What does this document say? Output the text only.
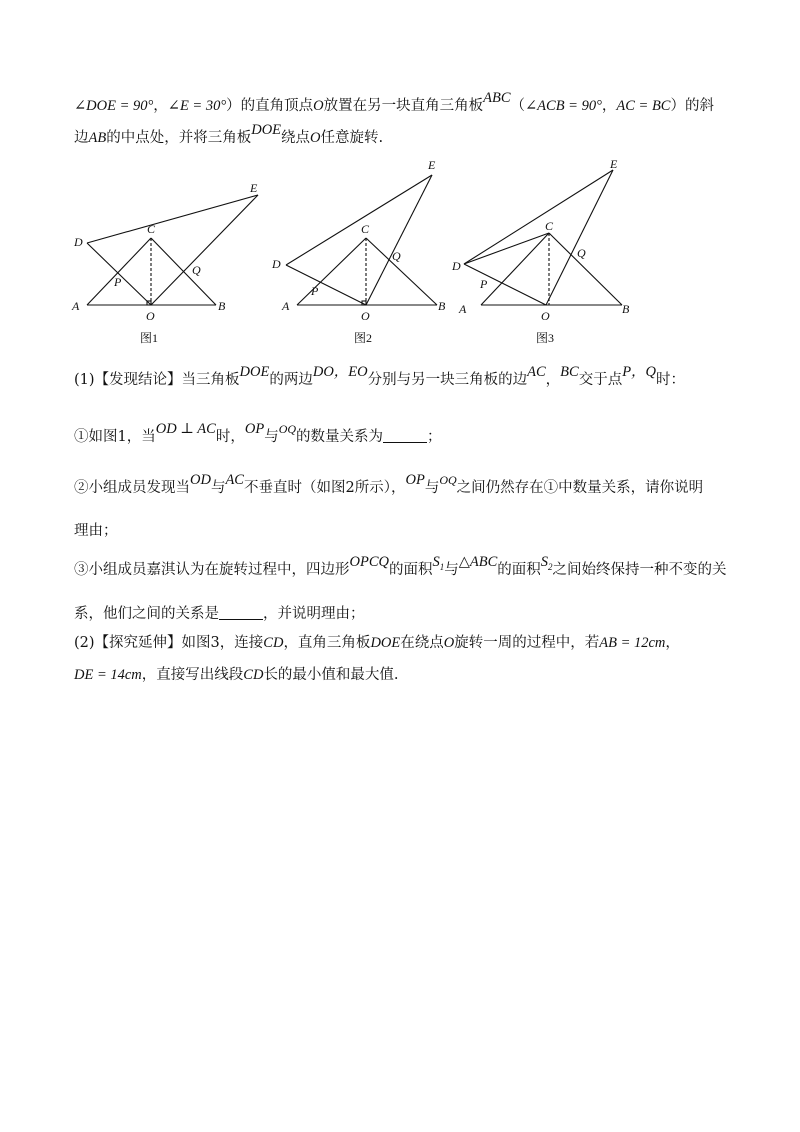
∠DOE = 90°，∠E = 30°）的直角顶点O放置在另一块直角三角板ABC（∠ACB = 90°，AC = BC）的斜
边AB的中点处，并将三角板DOE绕点O任意旋转.
A	B
C
D
E
O
P
Q
A	B
C
D
E
O
P
Q
A	B
C
D
E
O
P
Q
图1	图2	图3
(1)【发现结论】当三角板DOE的两边DO，EO分别与另一块三角板的边AC，BC交于点P，Q时：
①如图1，当OD ⊥ AC时，OP与$^{OQ}$的数量关系为	；
②小组成员发现当OD与AC不垂直时（如图2所示），OP与$^{OQ}$之间仍然存在①中数量关系，请你说明
理由；
③小组成员嘉淇认为在旋转过程中，四边形OPCQ的面积$S_1$与△ABC的面积$S_2$之间始终保持一种不变的关
系，他们之间的关系是	，并说明理由；
(2)【探究延伸】如图3，连接CD，直角三角板DOE在绕点O旋转一周的过程中，若AB = 12cm，
DE = 14cm，直接写出线段CD长的最小值和最大值.
